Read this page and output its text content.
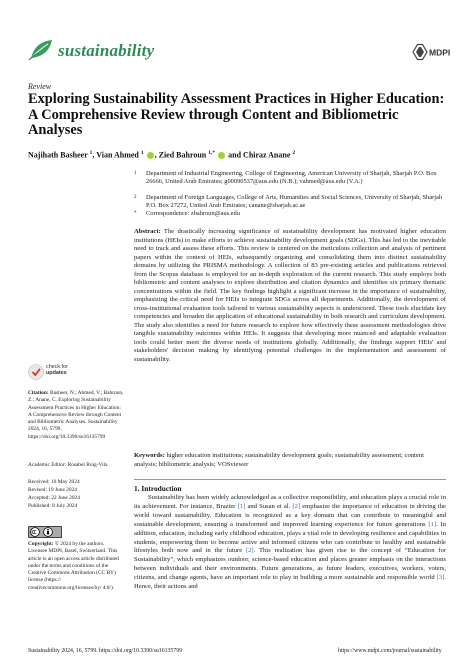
sustainability	MDPI
Review
Exploring Sustainability Assessment Practices in Higher Education: A Comprehensive Review through Content and Bibliometric Analyses
Najihath Basheer $^1$, Vian Ahmed $^1$ , Zied Bahroun $^{1,*}$ and Chiraz Anane $^2$
1 Department of Industrial Engineering, College of Engineering, American University of Sharjah, Sharjah P.O. Box 26666, United Arab Emirates; g00090537@aus.edu (N.B.); vahmed@aus.edu (V.A.)
2 Department of Foreign Languages, College of Arts, Humanities and Social Sciences, University of Sharjah, Sharjah P.O. Box 27272, United Arab Emirates; canane@sharjah.ac.ae
* Correspondence: zbahroun@aus.edu
Abstract: The drastically increasing significance of sustainability development has motivated higher education institutions (HEIs) to make efforts to achieve sustainability development goals (SDGs). This has led to the inevitable need to track and assess these efforts. This review is centered on the meticulous collection and analysis of pertinent papers within the context of HEIs, subsequently organizing and consolidating them into distinct sustainability domains by utilizing the PRISMA methodology. A collection of 83 pre-existing articles and publications retrieved from the Scopus database is employed for an in-depth exploration of the current research. This study employs both bibliometric and content analyses to explore distribution and citation dynamics and identifies six primary thematic concentrations within the field. The key findings highlight a significant increase in the importance of sustainability, emphasizing the critical need for HEIs to integrate SDGs across all departments. Additionally, the development of cross-institutional evaluation tools tailored to various sustainability aspects is underscored. These tools elucidate key competencies and broaden the application of educational sustainability in both research and curriculum development. The study also identifies a need for future research to explore how effectively these assessment methodologies drive tangible sustainability outcomes within HEIs. It suggests that developing more nuanced and adaptable evaluation tools could better meet the diverse needs of institutions globally. Additionally, the findings support HEIs' and stakeholders' decision making by identifying potential challenges in the implementation and assessment of sustainability.
Keywords: higher education institutions; sustainability development goals; sustainability assessment; content analysis; bibliometric analysis; VOSviewer
1. Introduction
Sustainability has been widely acknowledged as a collective responsibility, and education plays a crucial role in its achievement. For instance, Brazier [1] and Susan et al. [2] emphasize the importance of education in driving the world toward sustainability. Education is recognized as a key domain that can contribute to meaningful and sustainable development, ensuring a transformed and improved learning experience for future generations [1]. In addition, education, including early childhood education, plays a vital role in developing resilience and capabilities in students, empowering them to become active and informed citizens who can contribute to healthy and sustainable lifestyles both now and in the future [2]. This realization has given rise to the concept of “Education for Sustainability”, which emphasizes outdoor, science-based education and places greater emphasis on the interactions between individuals and their environments. Future generations, as future leaders, executives, workers, voters, citizens, and change agents, have an important role to play in building a more sustainable and responsible world [3]. Hence, their actions and
check for
updates
Citation: Basheer, N.; Ahmed, V.; Bahroun, Z.; Anane, C. Exploring Sustainability Assessment Practices in Higher Education: A Comprehensive Review through Content and Bibliometric Analyses. Sustainability 2024, 16, 5799. https://doi.org/10.3390/su16135799
Academic Editor: Rosabel Roig-Vila
Received: 10 May 2024
Revised: 19 June 2024
Accepted: 22 June 2024
Published: 8 July 2024
Copyright: © 2024 by the authors. Licensee MDPI, Basel, Switzerland. This article is an open access article distributed under the terms and conditions of the Creative Commons Attribution (CC BY) license (https:// creativecommons.org/licenses/by/ 4.0/).
Sustainability 2024, 16, 5799. https://doi.org/10.3390/su16135799	https://www.mdpi.com/journal/sustainability
